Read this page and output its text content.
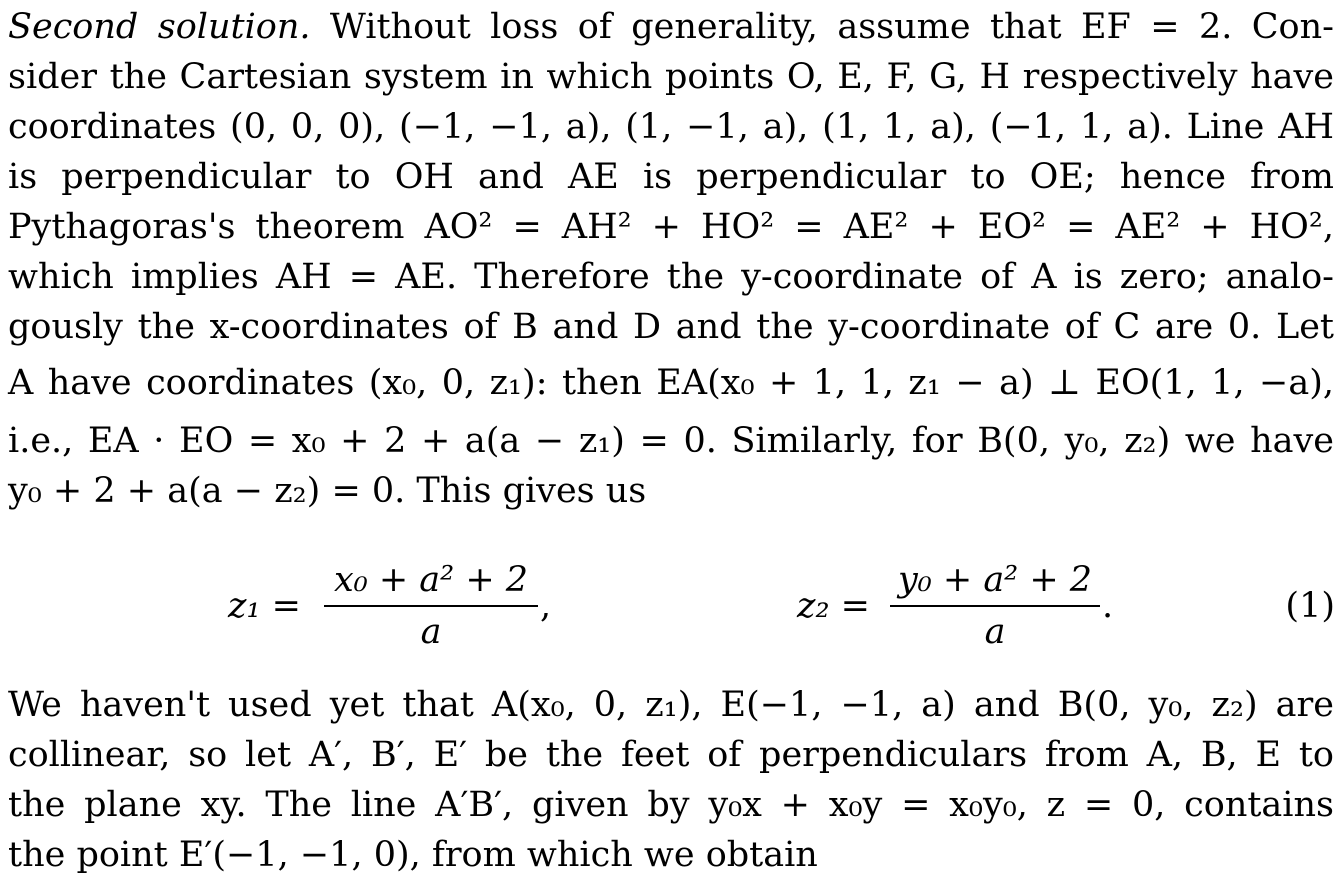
Second solution. Without loss of generality, assume that EF = 2. Con-
sider the Cartesian system in which points O, E, F, G, H respectively have
coordinates (0, 0, 0), (−1, −1, a), (1, −1, a), (1, 1, a), (−1, 1, a). Line AH
is perpendicular to OH and AE is perpendicular to OE; hence from
Pythagoras's theorem AO² = AH² + HO² = AE² + EO² = AE² + HO²,
which implies AH = AE. Therefore the y-coordinate of A is zero; analo-
gously the x-coordinates of B and D and the y-coordinate of C are 0. Let
A have coordinates (x₀, 0, z₁): then EA(x₀ + 1, 1, z₁ − a) ⊥ EO(1, 1, −a),
i.e., EA · EO = x₀ + 2 + a(a − z₁) = 0. Similarly, for B(0, y₀, z₂) we have
y₀ + 2 + a(a − z₂) = 0. This gives us
z₁ =
x₀ + a² + 2
a
,	z₂ =
y₀ + a² + 2
a
.	(1)
We haven't used yet that A(x₀, 0, z₁), E(−1, −1, a) and B(0, y₀, z₂) are
collinear, so let A′, B′, E′ be the feet of perpendiculars from A, B, E to
the plane xy. The line A′B′, given by y₀x + x₀y = x₀y₀, z = 0, contains
the point E′(−1, −1, 0), from which we obtain
